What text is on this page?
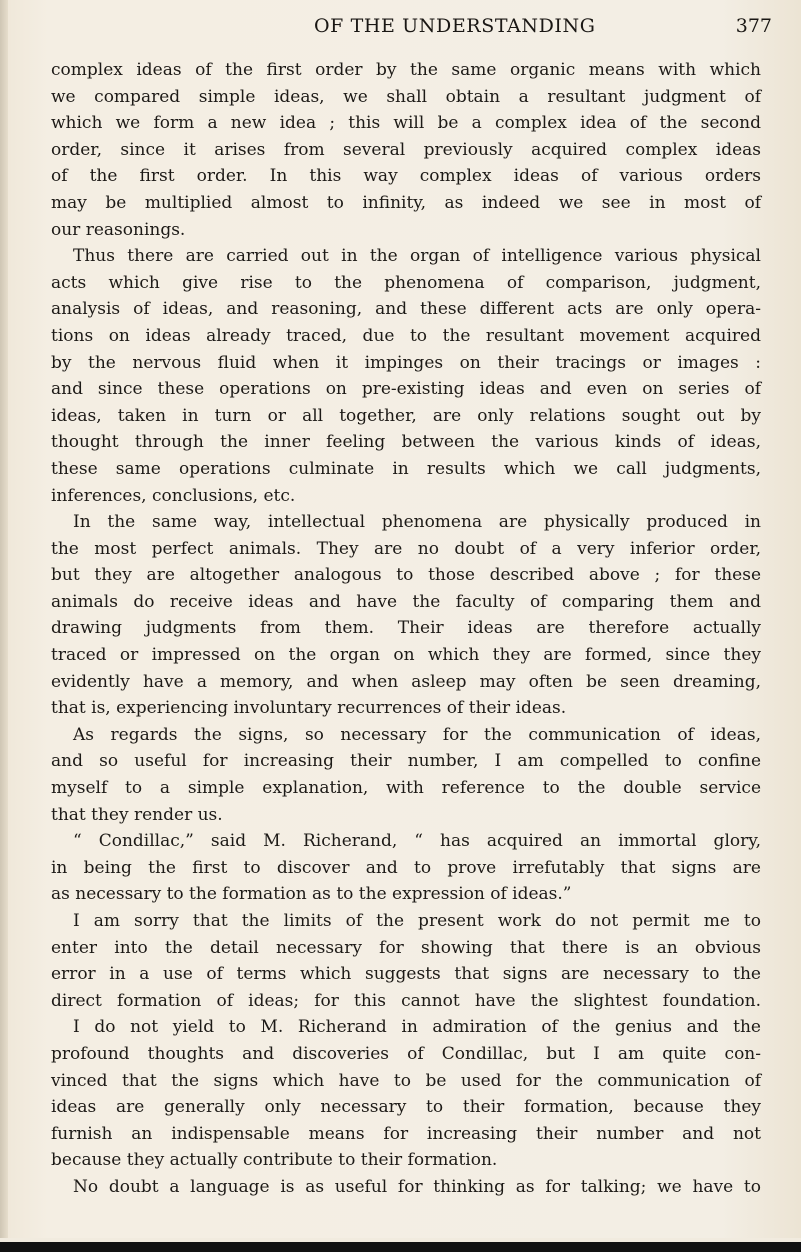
OF THE UNDERSTANDING	377
complex ideas of the first order by the same organic means with which
we compared simple ideas, we shall obtain a resultant judgment of
which we form a new idea ; this will be a complex idea of the second
order, since it arises from several previously acquired complex ideas
of the first order. In this way complex ideas of various orders
may be multiplied almost to infinity, as indeed we see in most of
our reasonings.
Thus there are carried out in the organ of intelligence various physical
acts which give rise to the phenomena of comparison, judgment,
analysis of ideas, and reasoning, and these different acts are only opera-
tions on ideas already traced, due to the resultant movement acquired
by the nervous fluid when it impinges on their tracings or images :
and since these operations on pre-existing ideas and even on series of
ideas, taken in turn or all together, are only relations sought out by
thought through the inner feeling between the various kinds of ideas,
these same operations culminate in results which we call judgments,
inferences, conclusions, etc.
In the same way, intellectual phenomena are physically produced in
the most perfect animals. They are no doubt of a very inferior order,
but they are altogether analogous to those described above ; for these
animals do receive ideas and have the faculty of comparing them and
drawing judgments from them. Their ideas are therefore actually
traced or impressed on the organ on which they are formed, since they
evidently have a memory, and when asleep may often be seen dreaming,
that is, experiencing involuntary recurrences of their ideas.
As regards the signs, so necessary for the communication of ideas,
and so useful for increasing their number, I am compelled to confine
myself to a simple explanation, with reference to the double service
that they render us.
“ Condillac,” said M. Richerand, “ has acquired an immortal glory,
in being the first to discover and to prove irrefutably that signs are
as necessary to the formation as to the expression of ideas.”
I am sorry that the limits of the present work do not permit me to
enter into the detail necessary for showing that there is an obvious
error in a use of terms which suggests that signs are necessary to the
direct formation of ideas; for this cannot have the slightest foundation.
I do not yield to M. Richerand in admiration of the genius and the
profound thoughts and discoveries of Condillac, but I am quite con-
vinced that the signs which have to be used for the communication of
ideas are generally only necessary to their formation, because they
furnish an indispensable means for increasing their number and not
because they actually contribute to their formation.
No doubt a language is as useful for thinking as for talking; we have to
